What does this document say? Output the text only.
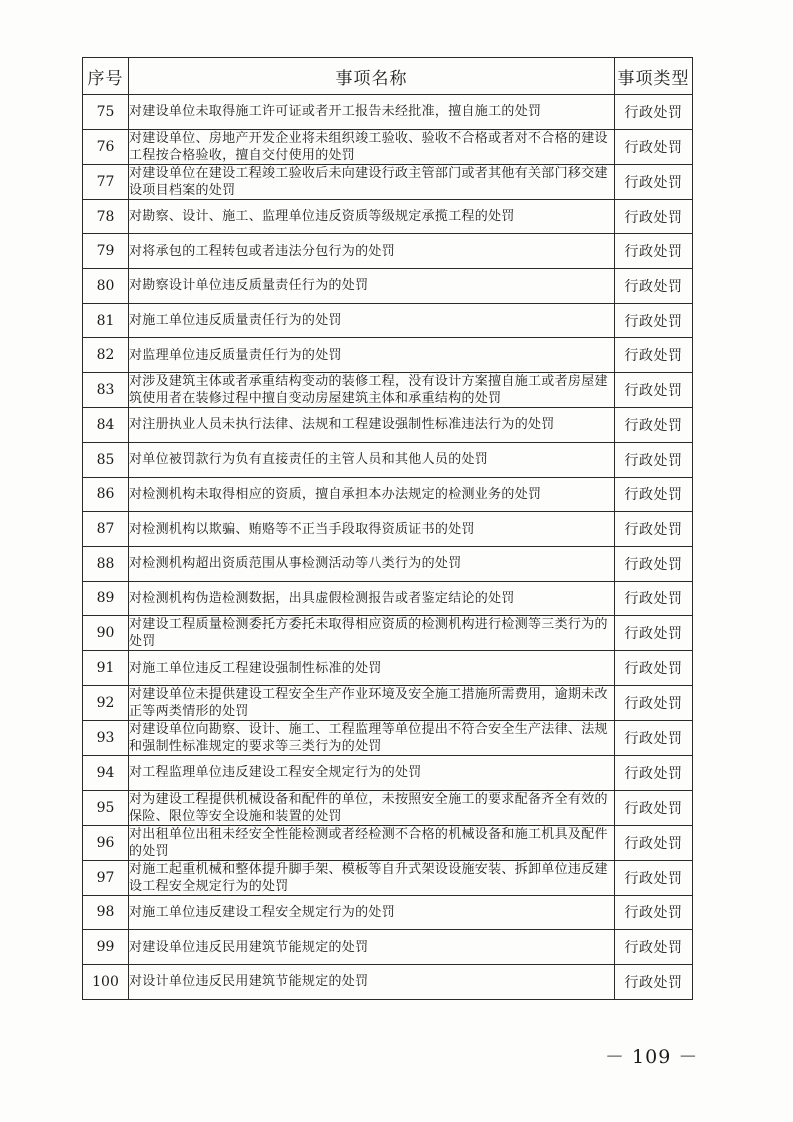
序号	事项名称	事项类型
75	对建设单位未取得施工许可证或者开工报告未经批准，擅自施工的处罚	行政处罚
76	对建设单位、房地产开发企业将未组织竣工验收、验收不合格或者对不合格的建设工程按合格验收，擅自交付使用的处罚	行政处罚
77	对建设单位在建设工程竣工验收后未向建设行政主管部门或者其他有关部门移交建设项目档案的处罚	行政处罚
78	对勘察、设计、施工、监理单位违反资质等级规定承揽工程的处罚	行政处罚
79	对将承包的工程转包或者违法分包行为的处罚	行政处罚
80	对勘察设计单位违反质量责任行为的处罚	行政处罚
81	对施工单位违反质量责任行为的处罚	行政处罚
82	对监理单位违反质量责任行为的处罚	行政处罚
83	对涉及建筑主体或者承重结构变动的装修工程，没有设计方案擅自施工或者房屋建筑使用者在装修过程中擅自变动房屋建筑主体和承重结构的处罚	行政处罚
84	对注册执业人员未执行法律、法规和工程建设强制性标准违法行为的处罚	行政处罚
85	对单位被罚款行为负有直接责任的主管人员和其他人员的处罚	行政处罚
86	对检测机构未取得相应的资质，擅自承担本办法规定的检测业务的处罚	行政处罚
87	对检测机构以欺骗、贿赂等不正当手段取得资质证书的处罚	行政处罚
88	对检测机构超出资质范围从事检测活动等八类行为的处罚	行政处罚
89	对检测机构伪造检测数据，出具虚假检测报告或者鉴定结论的处罚	行政处罚
90	对建设工程质量检测委托方委托未取得相应资质的检测机构进行检测等三类行为的处罚	行政处罚
91	对施工单位违反工程建设强制性标准的处罚	行政处罚
92	对建设单位未提供建设工程安全生产作业环境及安全施工措施所需费用，逾期未改正等两类情形的处罚	行政处罚
93	对建设单位向勘察、设计、施工、工程监理等单位提出不符合安全生产法律、法规和强制性标准规定的要求等三类行为的处罚	行政处罚
94	对工程监理单位违反建设工程安全规定行为的处罚	行政处罚
95	对为建设工程提供机械设备和配件的单位，未按照安全施工的要求配备齐全有效的保险、限位等安全设施和装置的处罚	行政处罚
96	对出租单位出租未经安全性能检测或者经检测不合格的机械设备和施工机具及配件的处罚	行政处罚
97	对施工起重机械和整体提升脚手架、模板等自升式架设设施安装、拆卸单位违反建设工程安全规定行为的处罚	行政处罚
98	对施工单位违反建设工程安全规定行为的处罚	行政处罚
99	对建设单位违反民用建筑节能规定的处罚	行政处罚
100	对设计单位违反民用建筑节能规定的处罚	行政处罚
－ 109 －
